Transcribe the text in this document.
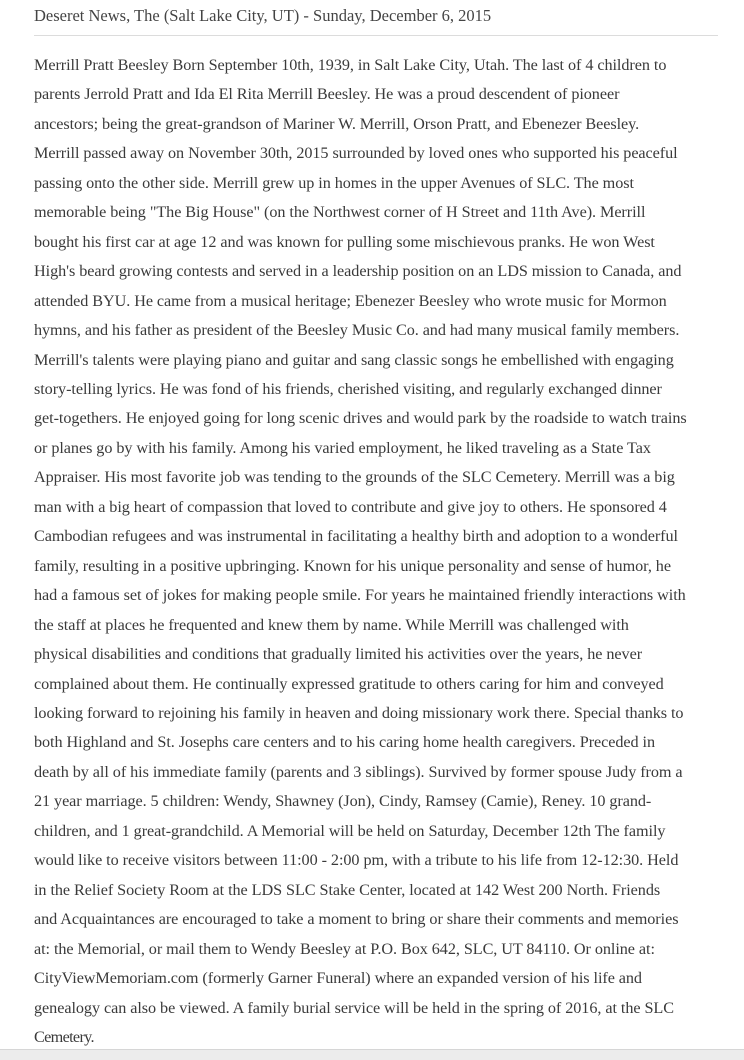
Deseret News, The (Salt Lake City, UT) - Sunday, December 6, 2015

Merrill Pratt Beesley Born September 10th, 1939, in Salt Lake City, Utah. The last of 4 children to
parents Jerrold Pratt and Ida El Rita Merrill Beesley. He was a proud descendent of pioneer
ancestors; being the great-grandson of Mariner W. Merrill, Orson Pratt, and Ebenezer Beesley.
Merrill passed away on November 30th, 2015 surrounded by loved ones who supported his peaceful
passing onto the other side. Merrill grew up in homes in the upper Avenues of SLC. The most
memorable being "The Big House" (on the Northwest corner of H Street and 11th Ave). Merrill
bought his first car at age 12 and was known for pulling some mischievous pranks. He won West
High's beard growing contests and served in a leadership position on an LDS mission to Canada, and
attended BYU. He came from a musical heritage; Ebenezer Beesley who wrote music for Mormon
hymns, and his father as president of the Beesley Music Co. and had many musical family members.
Merrill's talents were playing piano and guitar and sang classic songs he embellished with engaging
story-telling lyrics. He was fond of his friends, cherished visiting, and regularly exchanged dinner
get-togethers. He enjoyed going for long scenic drives and would park by the roadside to watch trains
or planes go by with his family. Among his varied employment, he liked traveling as a State Tax
Appraiser. His most favorite job was tending to the grounds of the SLC Cemetery. Merrill was a big
man with a big heart of compassion that loved to contribute and give joy to others. He sponsored 4
Cambodian refugees and was instrumental in facilitating a healthy birth and adoption to a wonderful
family, resulting in a positive upbringing. Known for his unique personality and sense of humor, he
had a famous set of jokes for making people smile. For years he maintained friendly interactions with
the staff at places he frequented and knew them by name. While Merrill was challenged with
physical disabilities and conditions that gradually limited his activities over the years, he never
complained about them. He continually expressed gratitude to others caring for him and conveyed
looking forward to rejoining his family in heaven and doing missionary work there. Special thanks to
both Highland and St. Josephs care centers and to his caring home health caregivers. Preceded in
death by all of his immediate family (parents and 3 siblings). Survived by former spouse Judy from a
21 year marriage. 5 children: Wendy, Shawney (Jon), Cindy, Ramsey (Camie), Reney. 10 grand-
children, and 1 great-grandchild. A Memorial will be held on Saturday, December 12th The family
would like to receive visitors between 11:00 - 2:00 pm, with a tribute to his life from 12-12:30. Held
in the Relief Society Room at the LDS SLC Stake Center, located at 142 West 200 North. Friends
and Acquaintances are encouraged to take a moment to bring or share their comments and memories
at: the Memorial, or mail them to Wendy Beesley at P.O. Box 642, SLC, UT 84110. Or online at:
CityViewMemoriam.com (formerly Garner Funeral) where an expanded version of his life and
genealogy can also be viewed. A family burial service will be held in the spring of 2016, at the SLC
Cemetery.
